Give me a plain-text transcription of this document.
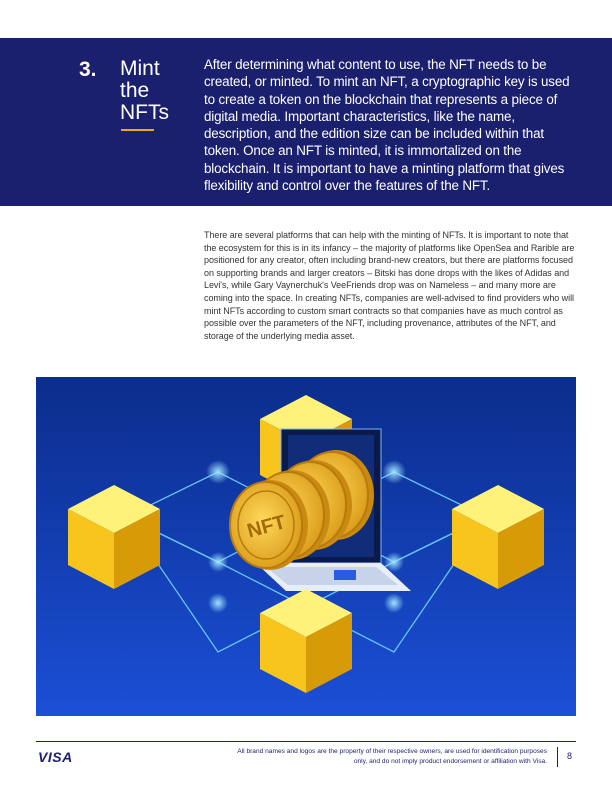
3. Mint the NFTs
After determining what content to use, the NFT needs to be created, or minted. To mint an NFT, a cryptographic key is used to create a token on the blockchain that represents a piece of digital media. Important characteristics, like the name, description, and the edition size can be included within that token. Once an NFT is minted, it is immortalized on the blockchain. It is important to have a minting platform that gives flexibility and control over the features of the NFT.
There are several platforms that can help with the minting of NFTs. It is important to note that the ecosystem for this is in its infancy – the majority of platforms like OpenSea and Rarible are positioned for any creator, often including brand-new creators, but there are platforms focused on supporting brands and larger creators – Bitski has done drops with the likes of Adidas and Levi's, while Gary Vaynerchuk's VeeFriends drop was on Nameless – and many more are coming into the space. In creating NFTs, companies are well-advised to find providers who will mint NFTs according to custom smart contracts so that companies have as much control as possible over the parameters of the NFT, including provenance, attributes of the NFT, and storage of the underlying media asset.
NFT
VISA	All brand names and logos are the property of their respective owners, are used for identification purposes only, and do not imply product endorsement or affiliation with Visa. 8
